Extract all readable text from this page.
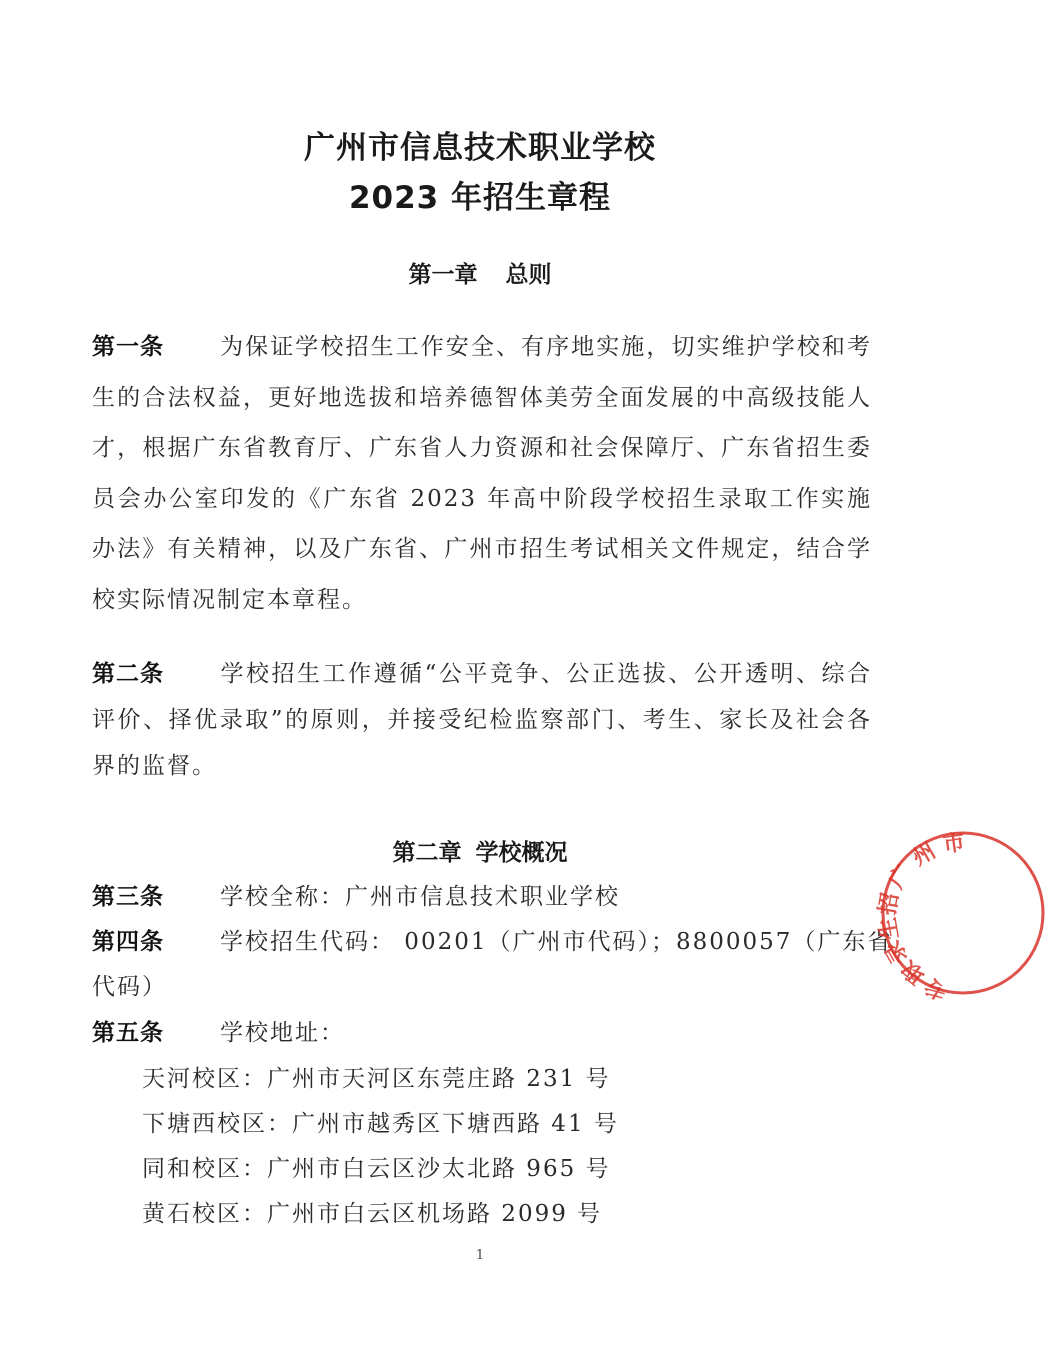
广州市信息技术职业学校
2023 年招生章程
第一章 总则
第一条 为保证学校招生工作安全、有序地实施，切实维护学校和考生的合法权益，更好地选拔和培养德智体美劳全面发展的中高级技能人才，根据广东省教育厅、广东省人力资源和社会保障厅、广东省招生委员会办公室印发的《广东省 2023 年高中阶段学校招生录取工作实施办法》有关精神，以及广东省、广州市招生考试相关文件规定，结合学校实际情况制定本章程。
第二条 学校招生工作遵循“公平竞争、公正选拔、公开透明、综合评价、择优录取”的原则，并接受纪检监察部门、考生、家长及社会各界的监督。
第二章 学校概况
第三条 学校全称：广州市信息技术职业学校
第四条 学校招生代码： 00201（广州市代码）；8800057（广东省
代码）
第五条 学校地址：
天河校区：广州市天河区东莞庄路 231 号
下塘西校区：广州市越秀区下塘西路 41 号
同和校区：广州市白云区沙太北路 965 号
黄石校区：广州市白云区机场路 2099 号
1
广
州 市
招
生
录
取
专
